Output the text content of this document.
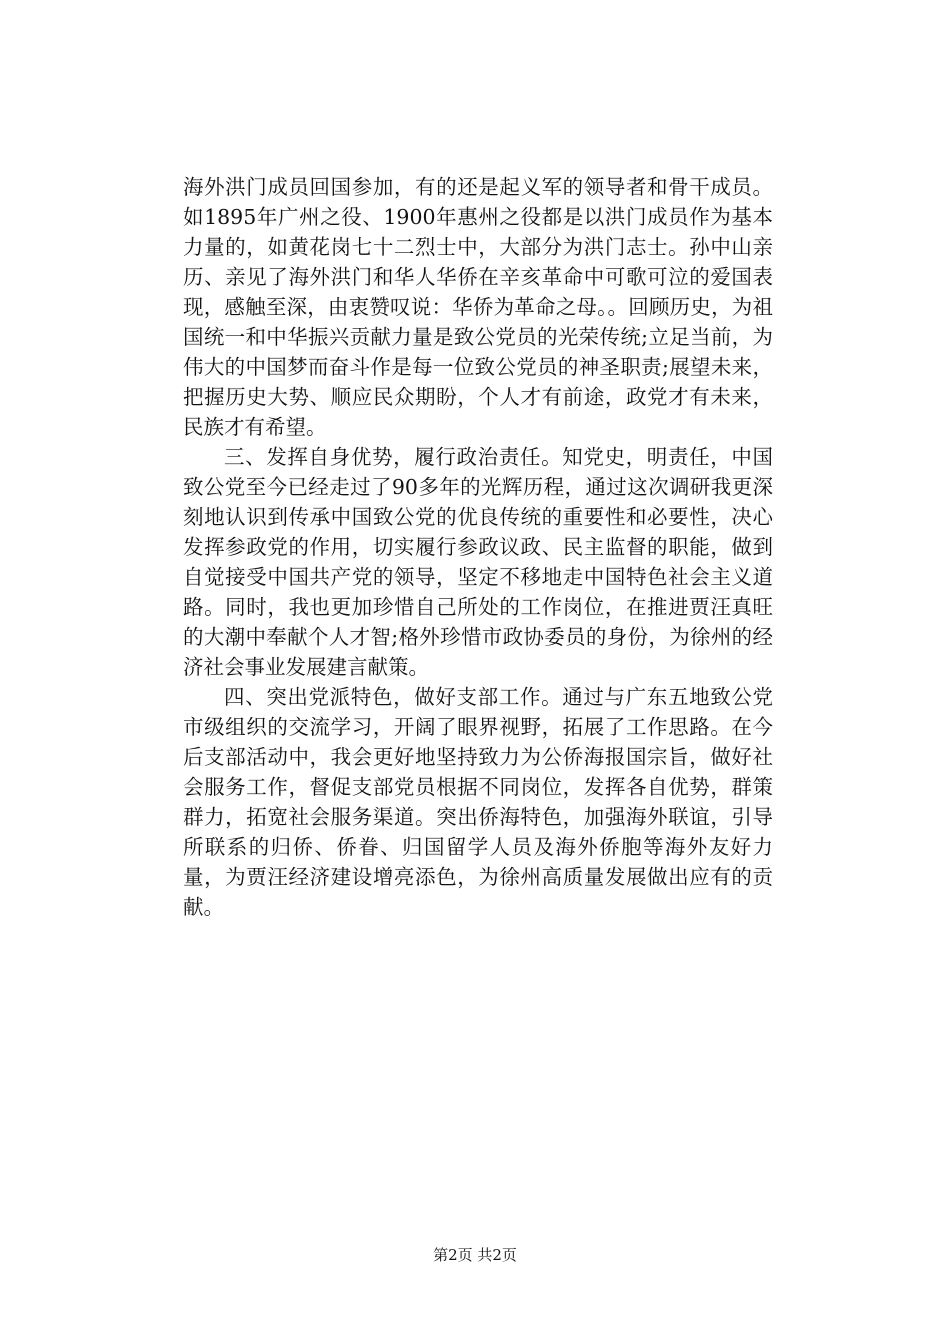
海外洪门成员回国参加，有的还是起义军的领导者和骨干成员。如1895年广州之役、1900年惠州之役都是以洪门成员作为基本力量的，如黄花岗七十二烈士中，大部分为洪门志士。孙中山亲历、亲见了海外洪门和华人华侨在辛亥革命中可歌可泣的爱国表现，感触至深，由衷赞叹说：华侨为革命之母。。回顾历史，为祖国统一和中华振兴贡献力量是致公党员的光荣传统;立足当前，为伟大的中国梦而奋斗作是每一位致公党员的神圣职责;展望未来，把握历史大势、顺应民众期盼，个人才有前途，政党才有未来，民族才有希望。

三、发挥自身优势，履行政治责任。知党史，明责任，中国致公党至今已经走过了90多年的光辉历程，通过这次调研我更深刻地认识到传承中国致公党的优良传统的重要性和必要性，决心发挥参政党的作用，切实履行参政议政、民主监督的职能，做到自觉接受中国共产党的领导，坚定不移地走中国特色社会主义道路。同时，我也更加珍惜自己所处的工作岗位，在推进贾汪真旺的大潮中奉献个人才智;格外珍惜市政协委员的身份，为徐州的经济社会事业发展建言献策。

四、突出党派特色，做好支部工作。通过与广东五地致公党市级组织的交流学习，开阔了眼界视野，拓展了工作思路。在今后支部活动中，我会更好地坚持致力为公侨海报国宗旨，做好社会服务工作，督促支部党员根据不同岗位，发挥各自优势，群策群力，拓宽社会服务渠道。突出侨海特色，加强海外联谊，引导所联系的归侨、侨眷、归国留学人员及海外侨胞等海外友好力量，为贾汪经济建设增亮添色，为徐州高质量发展做出应有的贡献。

第2页 共2页
